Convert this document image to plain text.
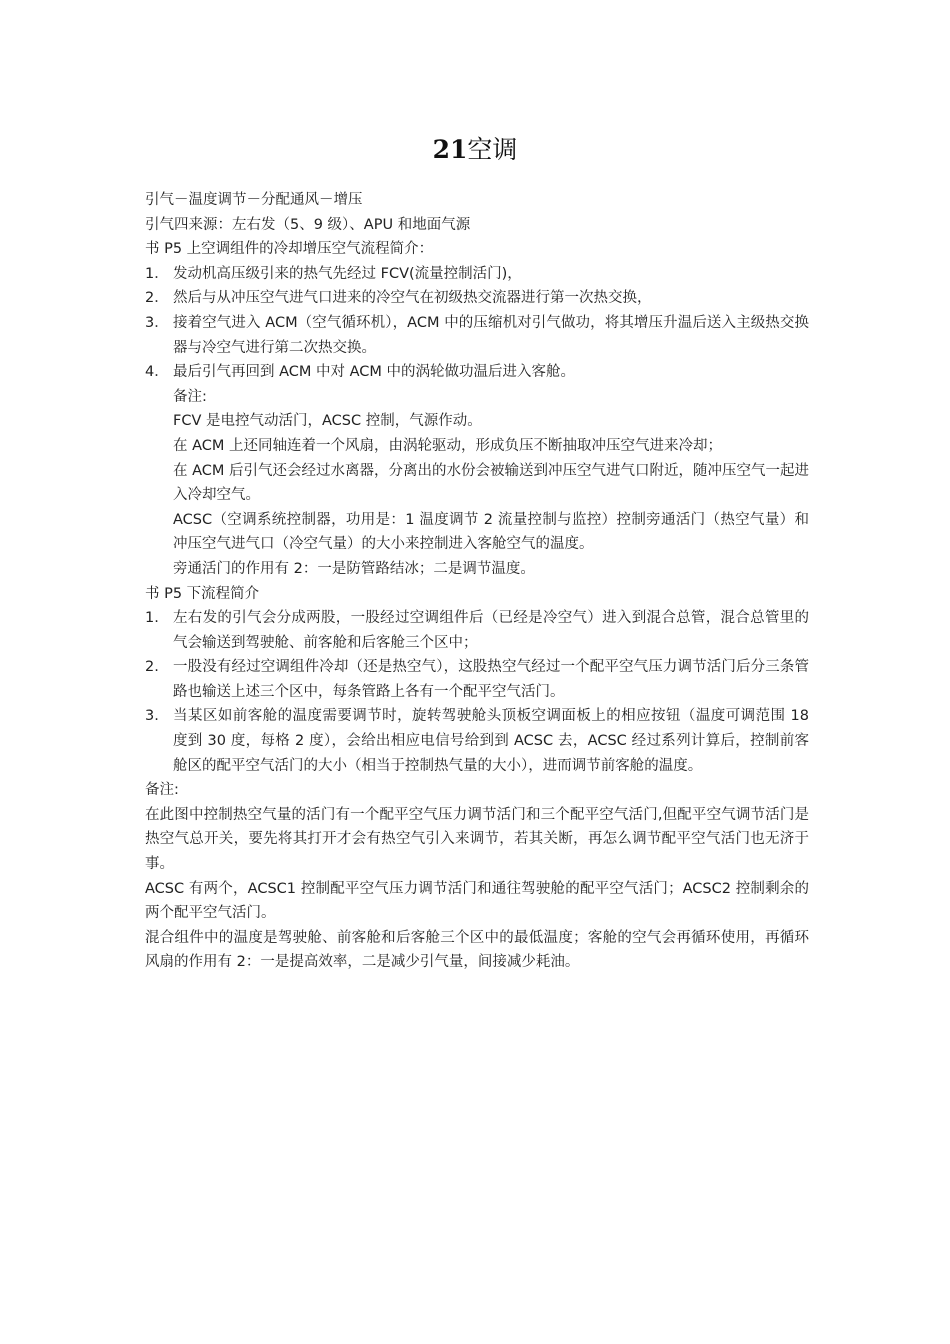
21空调

引气－温度调节－分配通风－增压

引气四来源：左右发（5、9 级）、APU 和地面气源

书 P5 上空调组件的冷却增压空气流程简介：

1． 发动机高压级引来的热气先经过 FCV(流量控制活门)，
2． 然后与从冲压空气进气口进来的冷空气在初级热交流器进行第一次热交换，
3． 接着空气进入 ACM（空气循环机），ACM 中的压缩机对引气做功，将其增压升温后送入主级热交换器与冷空气进行第二次热交换。
4． 最后引气再回到 ACM 中对 ACM 中的涡轮做功温后进入客舱。

备注:

FCV 是电控气动活门，ACSC 控制，气源作动。

在 ACM 上还同轴连着一个风扇，由涡轮驱动，形成负压不断抽取冲压空气进来冷却；

在 ACM 后引气还会经过水离器，分离出的水份会被输送到冲压空气进气口附近，随冲压空气一起进入冷却空气。

ACSC（空调系统控制器，功用是：1 温度调节 2 流量控制与监控）控制旁通活门（热空气量）和冲压空气进气口（冷空气量）的大小来控制进入客舱空气的温度。

旁通活门的作用有 2：一是防管路结冰；二是调节温度。

书 P5 下流程简介

1. 左右发的引气会分成两股，一股经过空调组件后（已经是冷空气）进入到混合总管，混合总管里的气会输送到驾驶舱、前客舱和后客舱三个区中；
2. 一股没有经过空调组件冷却（还是热空气），这股热空气经过一个配平空气压力调节活门后分三条管路也输送上述三个区中，每条管路上各有一个配平空气活门。
3. 当某区如前客舱的温度需要调节时，旋转驾驶舱头顶板空调面板上的相应按钮（温度可调范围 18 度到 30 度，每格 2 度），会给出相应电信号给到到 ACSC 去，ACSC 经过系列计算后，控制前客舱区的配平空气活门的大小（相当于控制热气量的大小），进而调节前客舱的温度。

备注:

在此图中控制热空气量的活门有一个配平空气压力调节活门和三个配平空气活门,但配平空气调节活门是热空气总开关，要先将其打开才会有热空气引入来调节，若其关断，再怎么调节配平空气活门也无济于事。

ACSC 有两个，ACSC1 控制配平空气压力调节活门和通往驾驶舱的配平空气活门；ACSC2 控制剩余的两个配平空气活门。

混合组件中的温度是驾驶舱、前客舱和后客舱三个区中的最低温度；客舱的空气会再循环使用，再循环风扇的作用有 2：一是提高效率，二是减少引气量，间接减少耗油。
